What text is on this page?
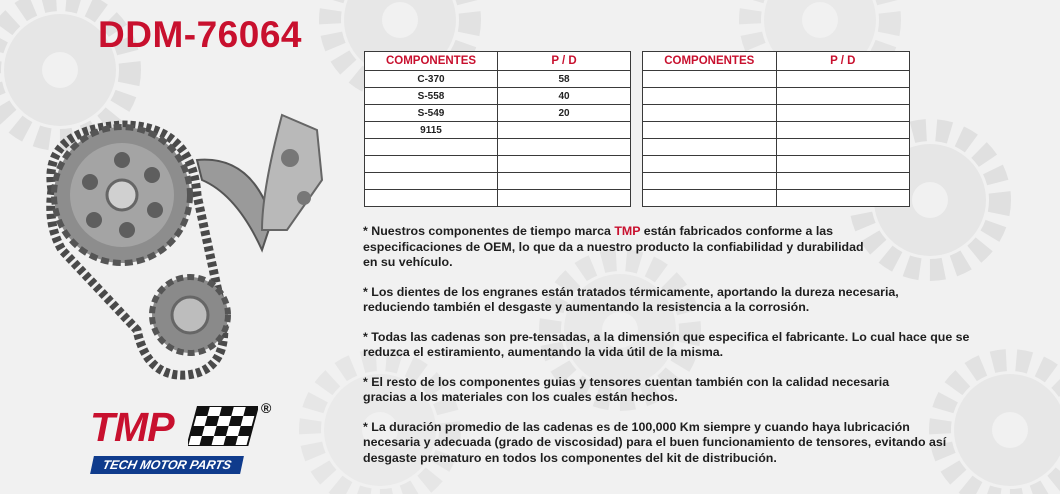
DDM-76064
COMPONENTES	P / D
C-370	58
S-558	40
S-549	20
9115	

COMPONENTES	P / D

* Nuestros componentes de tiempo marca TMP están fabricados conforme a las
especificaciones de OEM, lo que da a nuestro producto la confiabilidad y durabilidad
en su vehículo.

* Los dientes de los engranes están tratados térmicamente, aportando la dureza necesaria,
reduciendo también el desgaste y aumentando la resistencia a la corrosión.

* Todas las cadenas son pre-tensadas, a la dimensión que especifica el fabricante. Lo cual hace que se
reduzca el estiramiento, aumentando la vida útil de la misma.

* El resto de los componentes guias y tensores cuentan también con la calidad necesaria
gracias a los materiales con los cuales están hechos.

* La duración promedio de las cadenas es de 100,000 Km siempre y cuando haya lubricación
necesaria y adecuada (grado de viscosidad) para el buen funcionamiento de tensores, evitando así
desgaste prematuro en todos los componentes del kit de distribución.

TMP	®
TECH MOTOR PARTS
